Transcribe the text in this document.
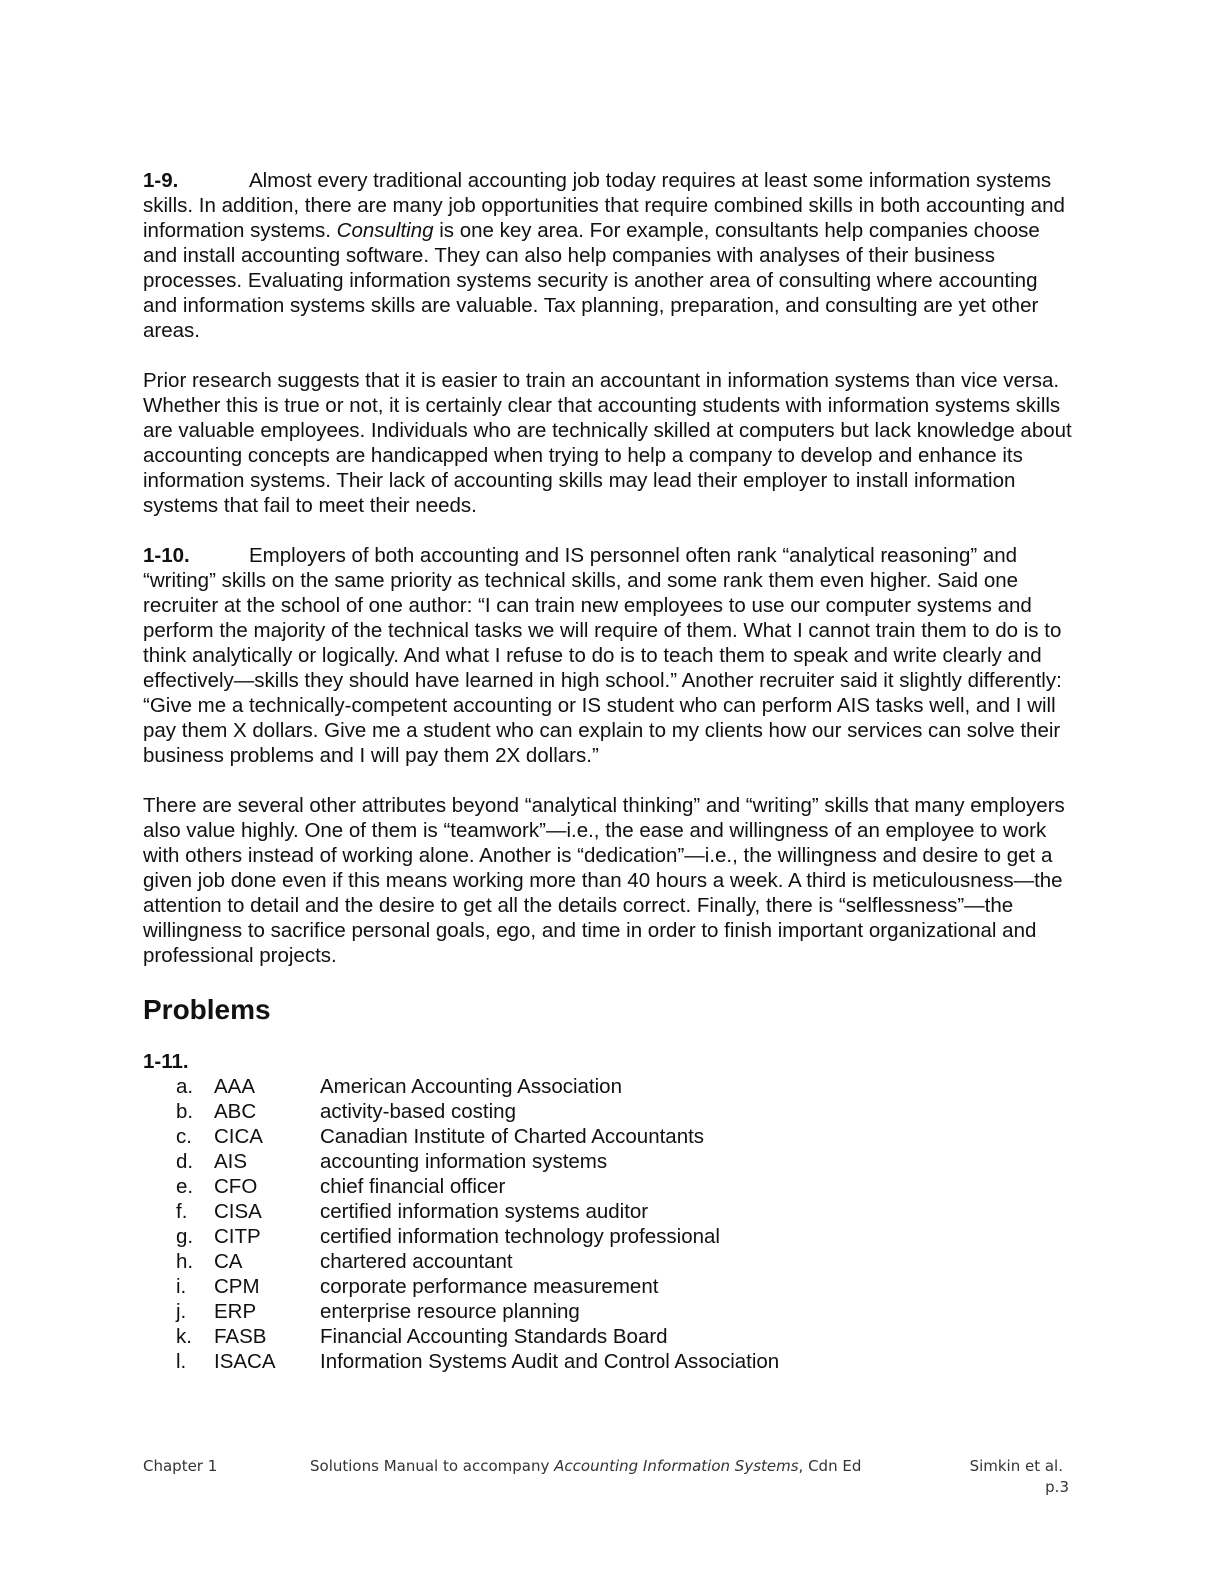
1-9.	Almost every traditional accounting job today requires at least some information systems skills. In addition, there are many job opportunities that require combined skills in both accounting and information systems. Consulting is one key area. For example, consultants help companies choose and install accounting software. They can also help companies with analyses of their business processes. Evaluating information systems security is another area of consulting where accounting and information systems skills are valuable. Tax planning, preparation, and consulting are yet other areas.

Prior research suggests that it is easier to train an accountant in information systems than vice versa. Whether this is true or not, it is certainly clear that accounting students with information systems skills are valuable employees. Individuals who are technically skilled at computers but lack knowledge about accounting concepts are handicapped when trying to help a company to develop and enhance its information systems. Their lack of accounting skills may lead their employer to install information systems that fail to meet their needs.

1-10.	Employers of both accounting and IS personnel often rank “analytical reasoning” and “writing” skills on the same priority as technical skills, and some rank them even higher. Said one recruiter at the school of one author: “I can train new employees to use our computer systems and perform the majority of the technical tasks we will require of them. What I cannot train them to do is to think analytically or logically. And what I refuse to do is to teach them to speak and write clearly and effectively—skills they should have learned in high school.” Another recruiter said it slightly differently: “Give me a technically-competent accounting or IS student who can perform AIS tasks well, and I will pay them X dollars. Give me a student who can explain to my clients how our services can solve their business problems and I will pay them 2X dollars.”

There are several other attributes beyond “analytical thinking” and “writing” skills that many employers also value highly. One of them is “teamwork”—i.e., the ease and willingness of an employee to work with others instead of working alone. Another is “dedication”—i.e., the willingness and desire to get a given job done even if this means working more than 40 hours a week. A third is meticulousness—the attention to detail and the desire to get all the details correct. Finally, there is “selflessness”—the willingness to sacrifice personal goals, ego, and time in order to finish important organizational and professional projects.

Problems
1-11.
a.	AAA	American Accounting Association
b.	ABC	activity-based costing
c.	CICA	Canadian Institute of Charted Accountants
d.	AIS	accounting information systems
e.	CFO	chief financial officer
f.	CISA	certified information systems auditor
g.	CITP	certified information technology professional
h.	CA	chartered accountant
i.	CPM	corporate performance measurement
j.	ERP	enterprise resource planning
k.	FASB	Financial Accounting Standards Board
l.	ISACA	Information Systems Audit and Control Association
Chapter 1	Solutions Manual to accompany Accounting Information Systems, Cdn Ed	Simkin et al.
p.3
